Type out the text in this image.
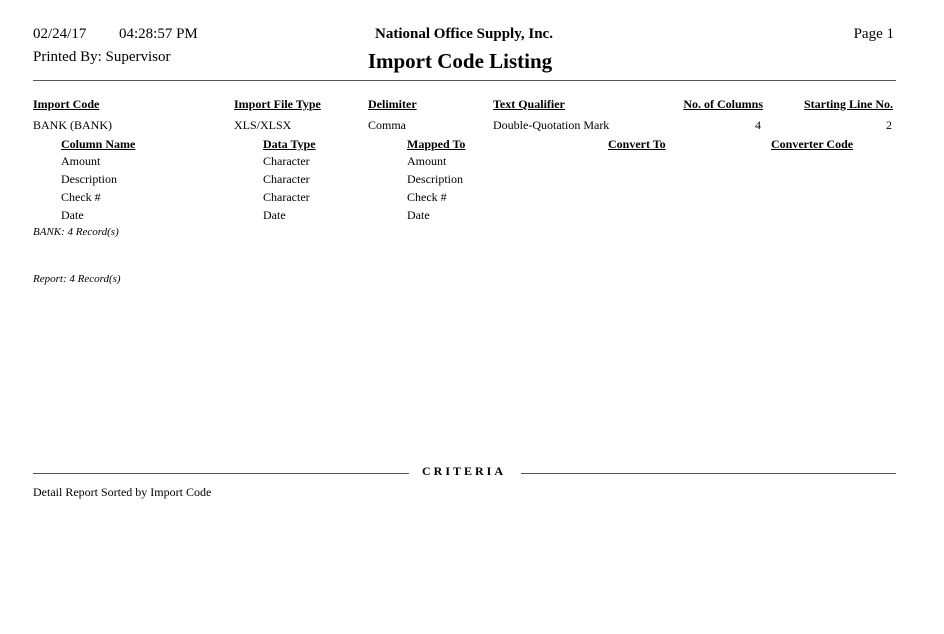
02/24/17 04:28:57 PM
Printed By: Supervisor
National Office Supply, Inc.
Import Code Listing
Page 1
Import Code	Import File Type	Delimiter	Text Qualifier	No. of Columns	Starting Line No.
BANK (BANK)	XLS/XLSX	Comma	Double-Quotation Mark	4	2
Column Name	Data Type	Mapped To	Convert To	Converter Code
Amount	Character	Amount
Description	Character	Description
Check #	Character	Check #
Date	Date	Date
BANK: 4 Record(s)
Report: 4 Record(s)
CRITERIA
Detail Report Sorted by Import Code
